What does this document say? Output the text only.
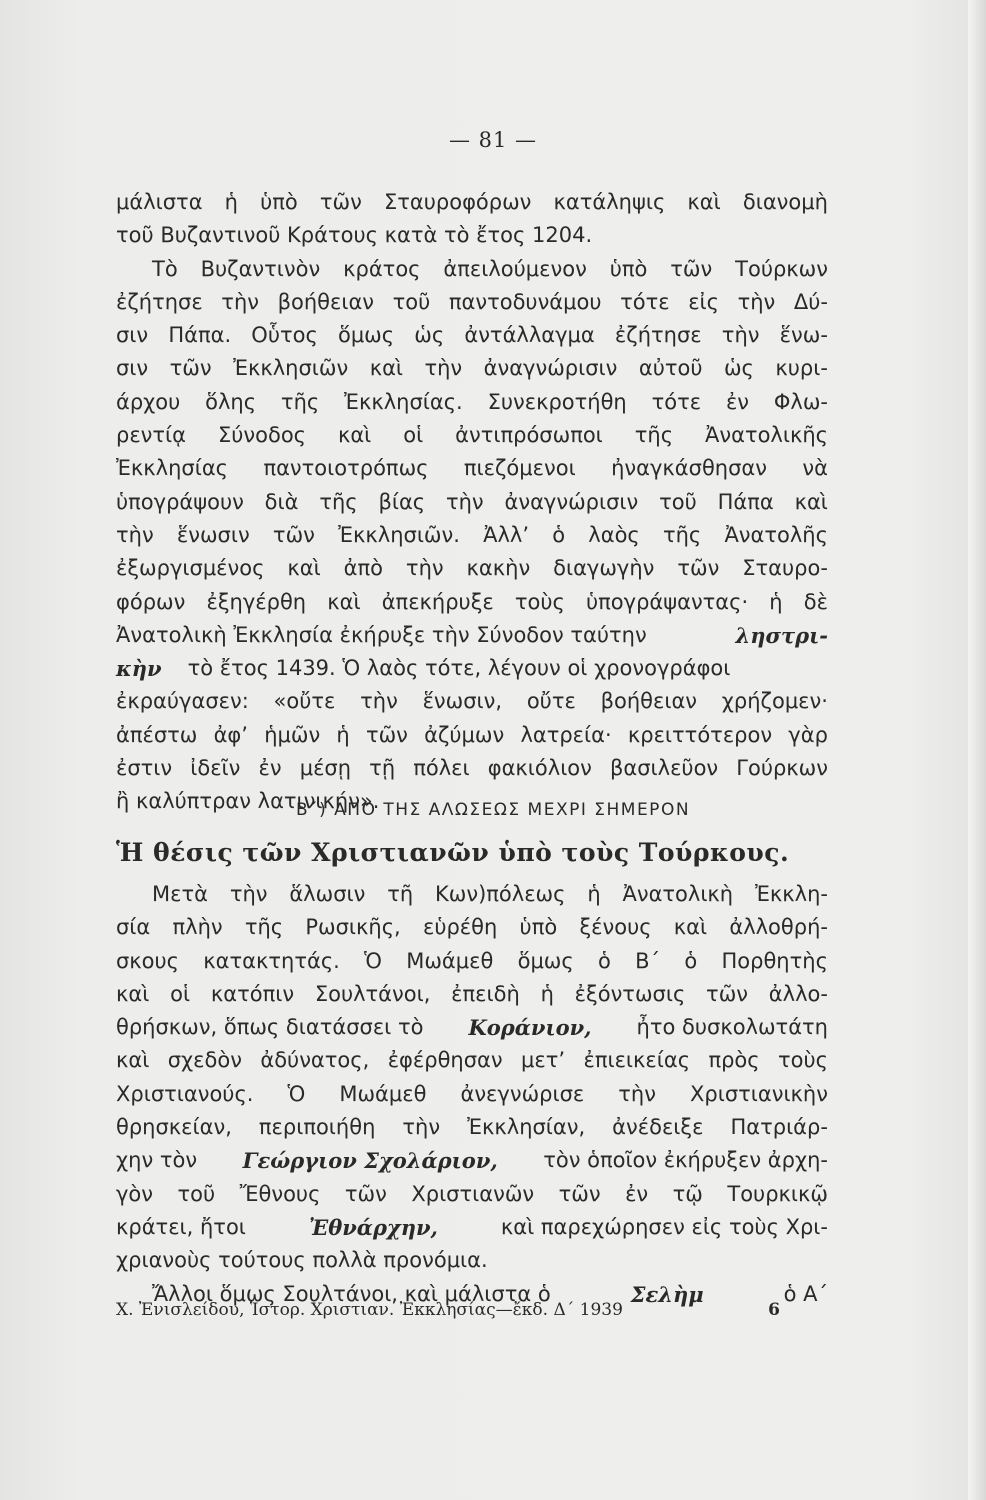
— 81 —
μάλιστα ἡ ὑπὸ τῶν Σταυροφόρων κατάληψις καὶ διανομὴ
τοῦ Βυζαντινοῦ Κράτους κατὰ τὸ ἔτος 1204.
Τὸ Βυζαντινὸν κράτος ἀπειλούμενον ὑπὸ τῶν Τούρκων
ἐζήτησε τὴν βοήθειαν τοῦ παντοδυνάμου τότε εἰς τὴν Δύ-
σιν Πάπα. Οὗτος ὅμως ὡς ἀντάλλαγμα ἐζήτησε τὴν ἕνω-
σιν τῶν Ἐκκλησιῶν καὶ τὴν ἀναγνώρισιν αὐτοῦ ὡς κυρι-
άρχου ὅλης τῆς Ἐκκλησίας. Συνεκροτήθη τότε ἐν Φλω-
ρεντίᾳ Σύνοδος καὶ οἱ ἀντιπρόσωποι τῆς Ἀνατολικῆς
Ἐκκλησίας παντοιοτρόπως πιεζόμενοι ἠναγκάσθησαν νὰ
ὑπογράψουν διὰ τῆς βίας τὴν ἀναγνώρισιν τοῦ Πάπα καὶ
τὴν ἕνωσιν τῶν Ἐκκλησιῶν. Ἀλλ’ ὁ λαὸς τῆς Ἀνατολῆς
ἐξωργισμένος καὶ ἀπὸ τὴν κακὴν διαγωγὴν τῶν Σταυρο-
φόρων ἐξηγέρθη καὶ ἀπεκήρυξε τοὺς ὑπογράψαντας· ἡ δὲ
Ἀνατολικὴ Ἐκκλησία ἐκήρυξε τὴν Σύνοδον ταύτην	ληστρι-
κὴν τὸ ἔτος 1439. Ὁ λαὸς τότε, λέγουν οἱ χρονογράφοι
ἐκραύγασεν: «οὔτε τὴν ἕνωσιν, οὔτε βοήθειαν χρήζομεν·
ἀπέστω ἀφ’ ἡμῶν ἡ τῶν ἀζύμων λατρεία· κρειττότερον γὰρ
ἐστιν ἰδεῖν ἐν μέσῃ τῇ πόλει φακιόλιον βασιλεῦον Γούρκων
ἢ καλύπτραν λατινικήν».
Β´) ΑΠΟ ΤΗΣ ΑΛΩΣΕΩΣ ΜΕΧΡΙ ΣΗΜΕΡΟΝ
Ἡ θέσις τῶν Χριστιανῶν ὑπὸ τοὺς Τούρκους.
Μετὰ τὴν ἅλωσιν τῆ Κων)πόλεως ἡ Ἀνατολικὴ Ἐκκλη-
σία πλὴν τῆς Ρωσικῆς, εὑρέθη ὑπὸ ξένους καὶ ἀλλοθρή-
σκους κατακτητάς. Ὁ Μωάμεθ ὅμως ὁ Β´ ὁ Πορθητὴς
καὶ οἱ κατόπιν Σουλτάνοι, ἐπειδὴ ἡ ἐξόντωσις τῶν ἀλλο-
θρήσκων, ὅπως διατάσσει τὸ Κοράνιον, ἦτο δυσκολωτάτη
καὶ σχεδὸν ἀδύνατος, ἐφέρθησαν μετ’ ἐπιεικείας πρὸς τοὺς
Χριστιανούς. Ὁ Μωάμεθ ἀνεγνώρισε τὴν Χριστιανικὴν
θρησκείαν, περιποιήθη τὴν Ἐκκλησίαν, ἀνέδειξε Πατριάρ-
χην τὸν Γεώργιον Σχολάριον, τὸν ὁποῖον ἐκήρυξεν ἀρχη-
γὸν τοῦ Ἔθνους τῶν Χριστιανῶν τῶν ἐν τῷ Τουρκικῷ
κράτει, ἤτοι	Ἐθνάρχην,	καὶ παρεχώρησεν εἰς τοὺς Χρι-
χριανοὺς τούτους πολλὰ προνόμια.
Ἄλλοι ὅμως Σουλτάνοι, καὶ μάλιστα ὁ	Σελὴμ	ὁ Α´
Χ. Ἐνισλείδου, Ἱστορ. Χριστιαν. Ἐκκλησίας—ἔκδ. Δ´ 1939	6
